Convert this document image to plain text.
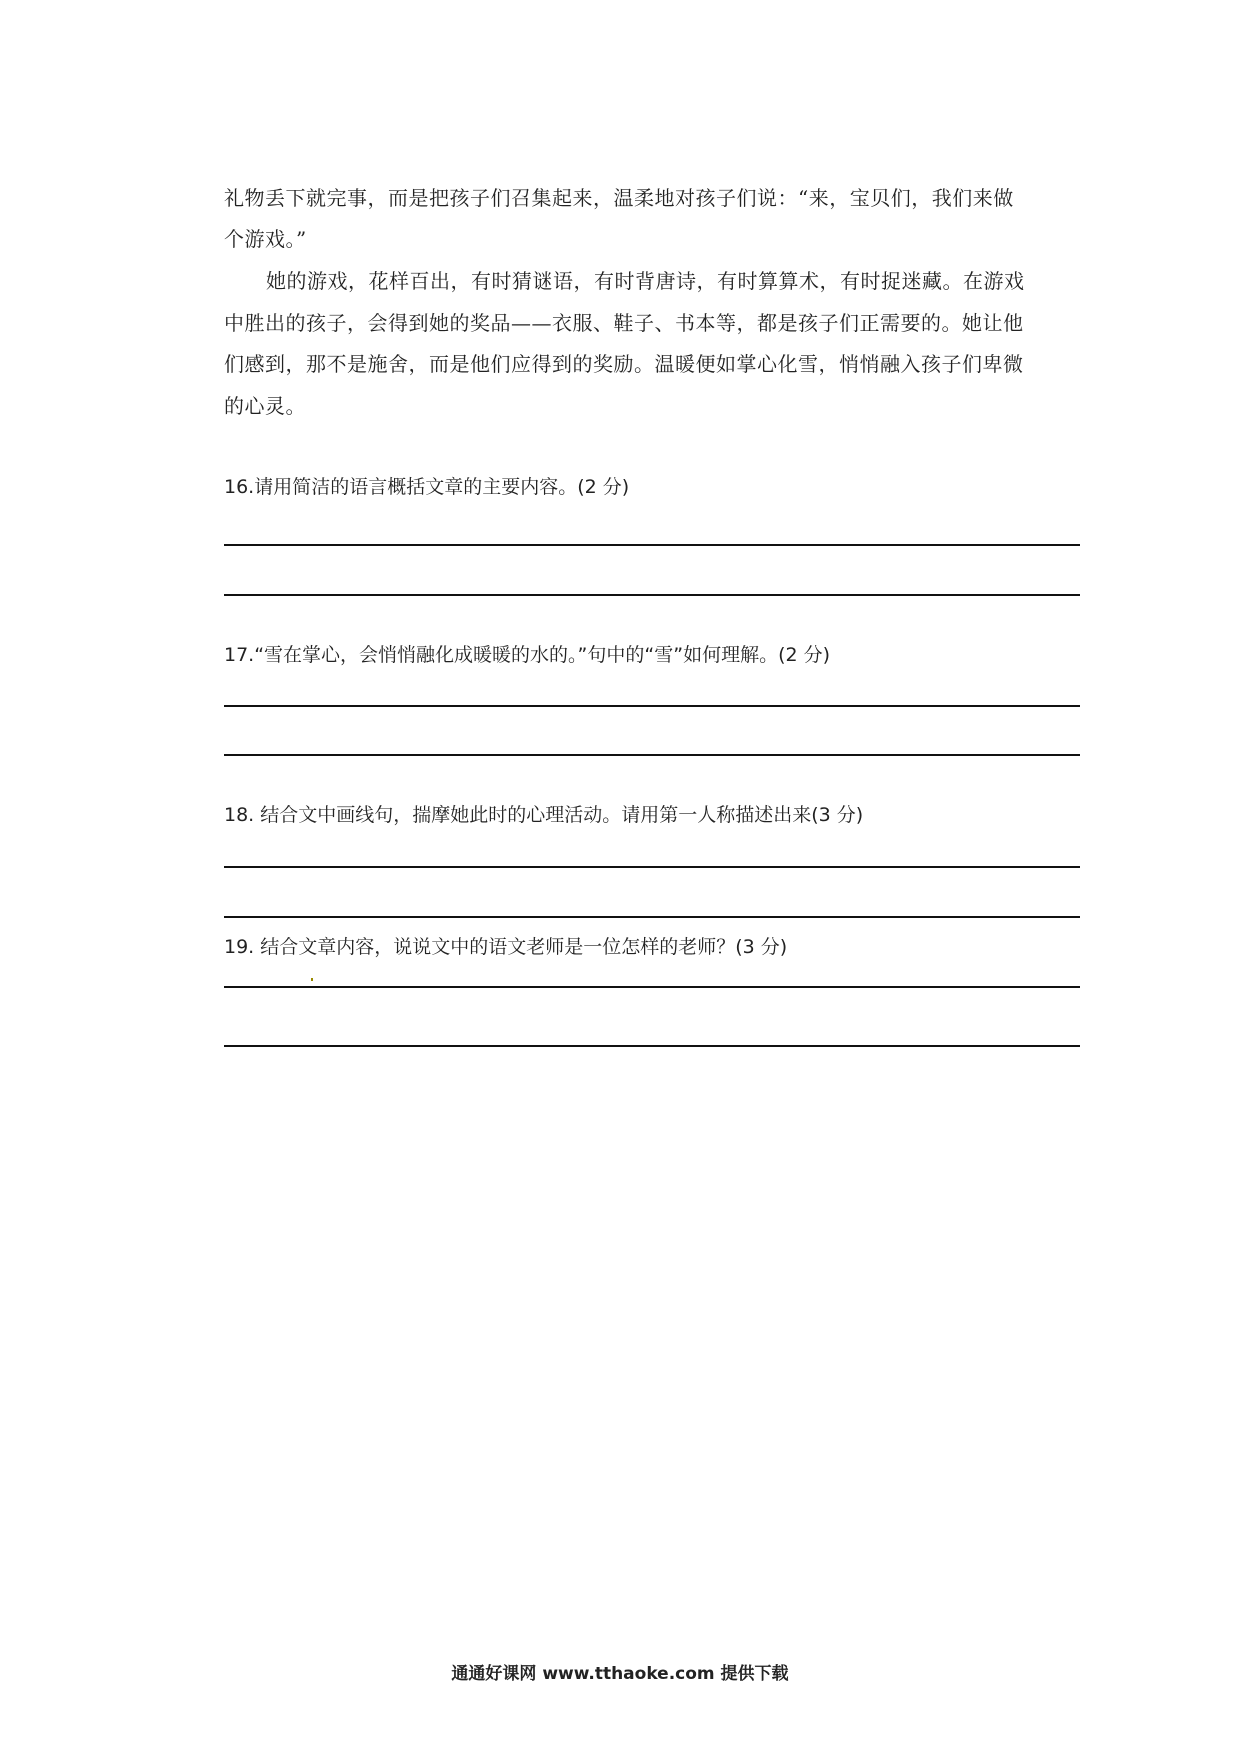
礼物丢下就完事，而是把孩子们召集起来，温柔地对孩子们说：“来，宝贝们，我们来做
个游戏。”
她的游戏，花样百出，有时猜谜语，有时背唐诗，有时算算术，有时捉迷藏。在游戏
中胜出的孩子，会得到她的奖品——衣服、鞋子、书本等，都是孩子们正需要的。她让他
们感到，那不是施舍，而是他们应得到的奖励。温暖便如掌心化雪，悄悄融入孩子们卑微
的心灵。
16.请用简洁的语言概括文章的主要内容。(2 分)
17.“雪在掌心，会悄悄融化成暖暖的水的。”句中的“雪”如何理解。(2 分)
18. 结合文中画线句，揣摩她此时的心理活动。请用第一人称描述出来(3 分)
19. 结合文章内容，说说文中的语文老师是一位怎样的老师？(3 分)
通通好课网 www.tthaoke.com 提供下载
